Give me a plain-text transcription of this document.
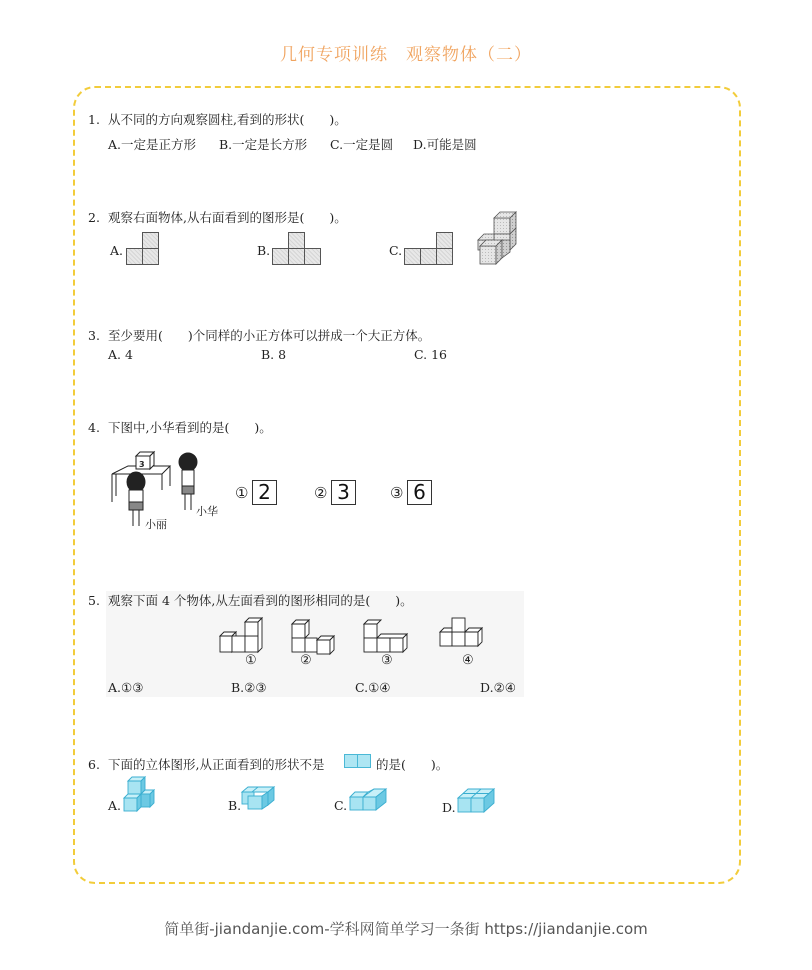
几何专项训练 观察物体（二）
1. 从不同的方向观察圆柱,看到的形状(　　)。
A.一定是正方形 B.一定是长方形 C.一定是圆 D.可能是圆
2. 观察右面物体,从右面看到的图形是(　　)。
A.	B.	C.
3. 至少要用(　　)个同样的小正方体可以拼成一个大正方体。
A. 4	B. 8	C. 16
4. 下图中,小华看到的是(　　)。
3
小丽
小华
① 2	② 3	③ 6
5. 观察下面 4 个物体,从左面看到的图形相同的是(　　)。
①	②	③	④
A.①③	B.②③	C.①④	D.②④
6. 下面的立体图形,从正面看到的形状不是	的是(　　)。
A.	B.	C.	D.
简单街-jiandanjie.com-学科网简单学习一条街 https://jiandanjie.com
